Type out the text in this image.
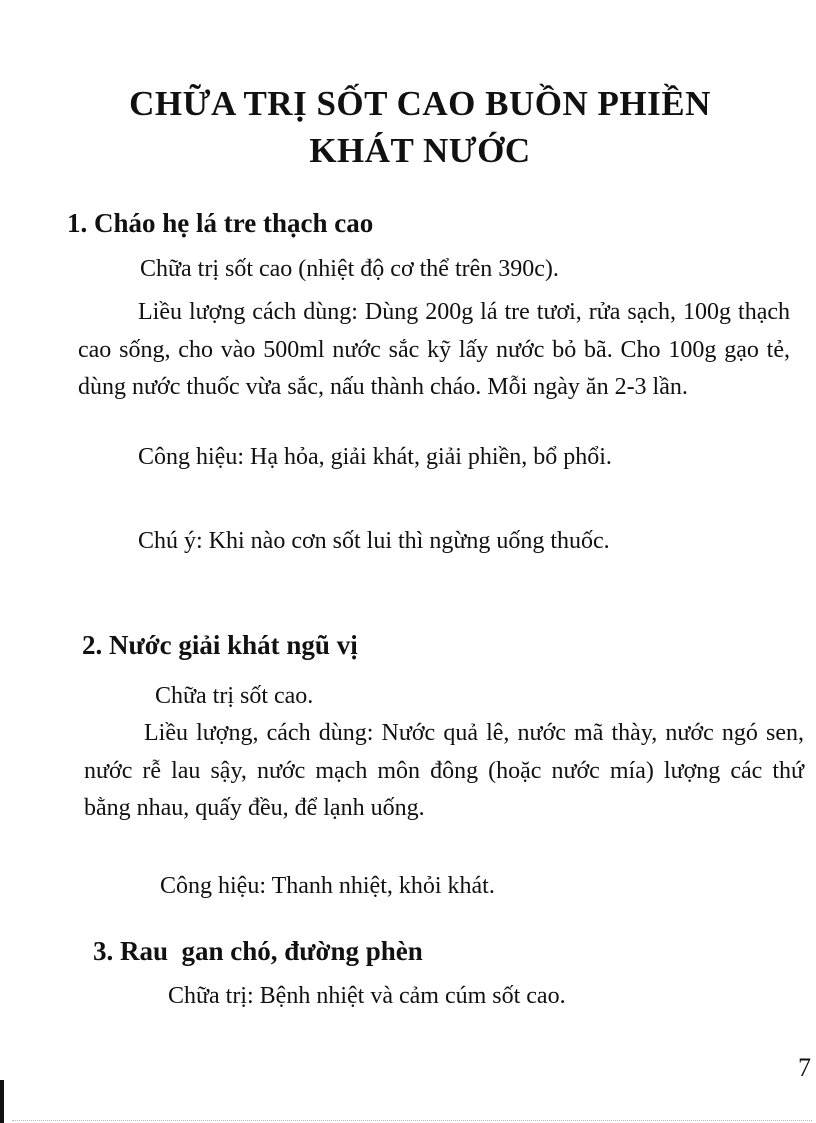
CHỮA TRỊ SỐT CAO BUỒN PHIỀN
KHÁT NƯỚC
1. Cháo hẹ lá tre thạch cao

Chữa trị sốt cao (nhiệt độ cơ thể trên 390c).

Liều lượng cách dùng: Dùng 200g lá tre tươi, rửa sạch, 100g thạch cao sống, cho vào 500ml nước sắc kỹ lấy nước bỏ bã. Cho 100g gạo tẻ, dùng nước thuốc vừa sắc, nấu thành cháo. Mỗi ngày ăn 2-3 lần.

Công hiệu: Hạ hỏa, giải khát, giải phiền, bổ phổi.

Chú ý: Khi nào cơn sốt lui thì ngừng uống thuốc.

2. Nước giải khát ngũ vị

Chữa trị sốt cao.

Liều lượng, cách dùng: Nước quả lê, nước mã thày, nước ngó sen, nước rễ lau sậy, nước mạch môn đông (hoặc nước mía) lượng các thứ bằng nhau, quấy đều, để lạnh uống.

Công hiệu: Thanh nhiệt, khỏi khát.

3. Rau  gan chó, đường phèn

Chữa trị: Bệnh nhiệt và cảm cúm sốt cao.

7
